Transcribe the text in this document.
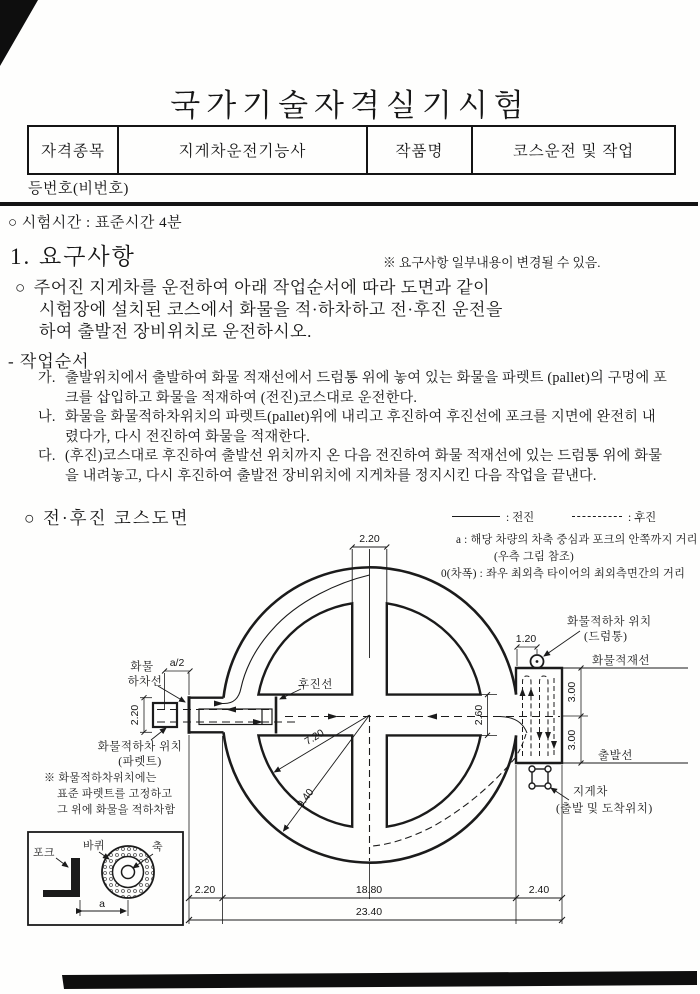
국가기술자격실기시험
자격종목	지게차운전기능사	작품명	코스운전 및 작업
등번호(비번호)
○ 시험시간 : 표준시간 4분
1. 요구사항	※ 요구사항 일부내용이 변경될 수 있음.
○ 주어진 지게차를 운전하여 아래 작업순서에 따라 도면과 같이
시험장에 설치된 코스에서 화물을 적·하차하고 전·후진 운전을
하여 출발전 장비위치로 운전하시오.
- 작업순서
가. 출발위치에서 출발하여 화물 적재선에서 드럼통 위에 놓여 있는 화물을 파렛트 (pallet)의 구멍에 포크를 삽입하고 화물을 적재하여 (전진)코스대로 운전한다.
나. 화물을 화물적하차위치의 파렛트(pallet)위에 내리고 후진하여 후진선에 포크를 지면에 완전히 내렸다가, 다시 전진하여 화물을 적재한다.
다. (후진)코스대로 후진하여 출발선 위치까지 온 다음 전진하여 화물 적재선에 있는 드럼통 위에 화물을 내려놓고, 다시 후진하여 출발전 장비위치에 지게차를 정지시킨 다음 작업을 끝낸다.
○ 전·후진 코스도면	: 전진	: 후진
a : 해당 차량의 차축 중심과 포크의 안쪽까지 거리
(우측 그림 참조)
0(차폭) : 좌우 최외측 타이어의 최외측면간의 거리
2.20
a/2
2.20
1.20
2.60
3.00
3.00
7.20
9.40
2.20	18.80	2.40
23.40
a
후진선
화물
하차선
화물적하차 위치
(파렛트)
화물적하차 위치
(드럼통)
화물적재선
출발선
지게차
(출발 및 도착위치)
※ 화물적하차위치에는
표준 파렛트를 고정하고
그 위에 화물을 적하차함
포크
바퀴	축
